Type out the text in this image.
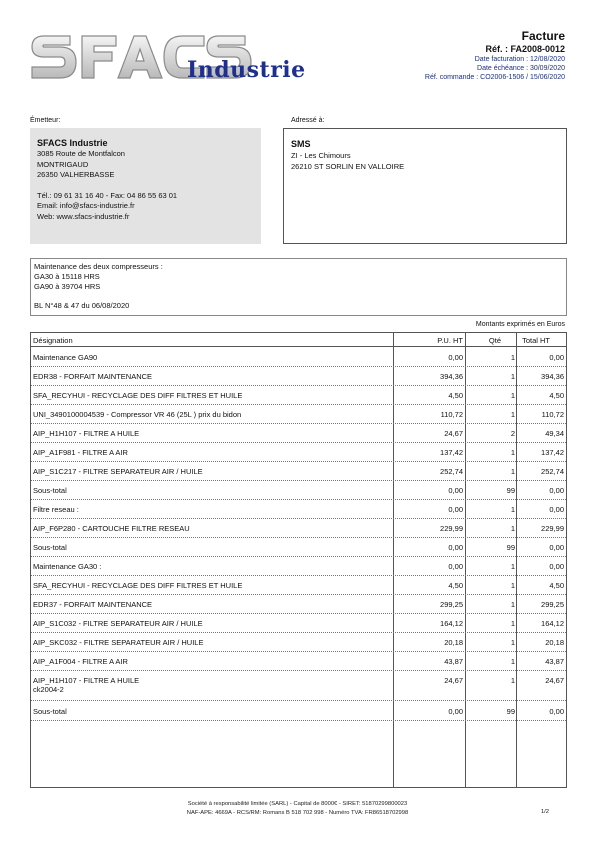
Industrie
Facture
Réf. : FA2008-0012
Date facturation : 12/08/2020
Date échéance : 30/09/2020
Réf. commande : CO2006-1506 / 15/06/2020
Émetteur:	Adressé à:
SFACS Industrie
3085 Route de Montfalcon
MONTRIGAUD
26350 VALHERBASSE
Tél.: 09 61 31 16 40 - Fax: 04 86 55 63 01
Email: info@sfacs-industrie.fr
Web: www.sfacs-industrie.fr
SMS
ZI - Les Chimours
26210 ST SORLIN EN VALLOIRE
Maintenance des deux compresseurs :
GA30 à 15118 HRS
GA90 à 39704 HRS
BL N°48 & 47 du 06/08/2020
Montants exprimés en Euros
Désignation	P.U. HT	Qté	Total HT
Maintenance GA90	0,00	1	0,00
EDR38 - FORFAIT MAINTENANCE	394,36	1	394,36
SFA_RECYHUI - RECYCLAGE DES DIFF FILTRES ET HUILE	4,50	1	4,50
UNI_3490100004539 - Compressor VR 46 (25L ) prix du bidon	110,72	1	110,72
AIP_H1H107 - FILTRE A HUILE	24,67	2	49,34
AIP_A1F981 - FILTRE A AIR	137,42	1	137,42
AIP_S1C217 - FILTRE SEPARATEUR AIR / HUILE	252,74	1	252,74
Sous-total	0,00	99	0,00
Filtre reseau :	0,00	1	0,00
AIP_F6P280 - CARTOUCHE FILTRE RESEAU	229,99	1	229,99
Sous-total	0,00	99	0,00
Maintenance GA30 :	0,00	1	0,00
SFA_RECYHUI - RECYCLAGE DES DIFF FILTRES ET HUILE	4,50	1	4,50
EDR37 - FORFAIT MAINTENANCE	299,25	1	299,25
AIP_S1C032 - FILTRE SEPARATEUR AIR / HUILE	164,12	1	164,12
AIP_SKC032 - FILTRE SEPARATEUR AIR / HUILE	20,18	1	20,18
AIP_A1F004 - FILTRE A AIR	43,87	1	43,87
AIP_H1H107 - FILTRE A HUILE
ck2004-2
24,67	1	24,67
Sous-total	0,00	99	0,00
Société à responsabilité limitée (SARL) - Capital de 8000€ - SIRET: 51870299800023
NAF-APE: 4669A - RCS/RM: Romans B 518 702 998 - Numéro TVA: FR86518702998	1/2
